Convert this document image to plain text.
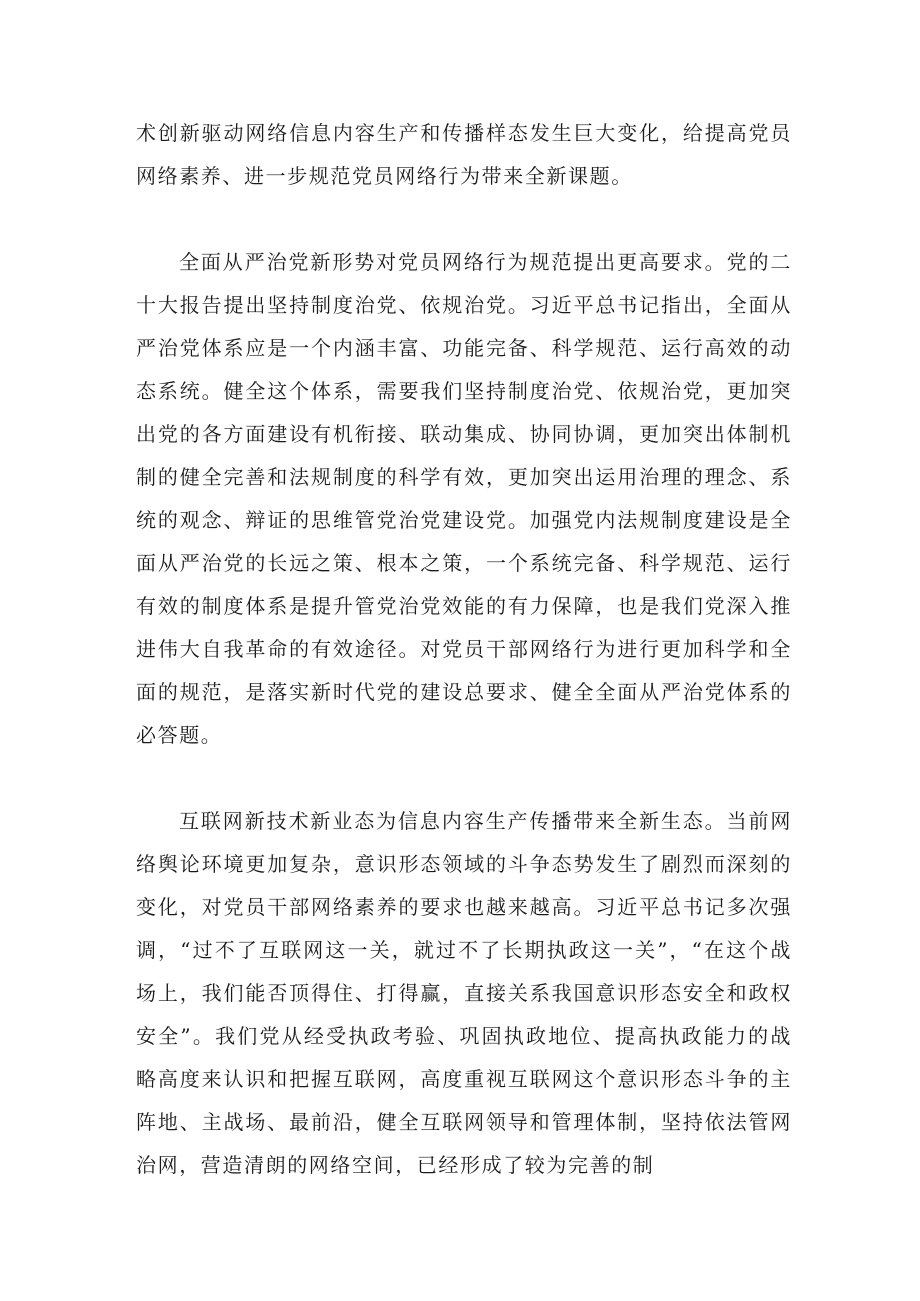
术创新驱动网络信息内容生产和传播样态发生巨大变化，给提高党员网络素养、进一步规范党员网络行为带来全新课题。

全面从严治党新形势对党员网络行为规范提出更高要求。党的二十大报告提出坚持制度治党、依规治党。习近平总书记指出，全面从严治党体系应是一个内涵丰富、功能完备、科学规范、运行高效的动态系统。健全这个体系，需要我们坚持制度治党、依规治党，更加突出党的各方面建设有机衔接、联动集成、协同协调，更加突出体制机制的健全完善和法规制度的科学有效，更加突出运用治理的理念、系统的观念、辩证的思维管党治党建设党。加强党内法规制度建设是全面从严治党的长远之策、根本之策，一个系统完备、科学规范、运行有效的制度体系是提升管党治党效能的有力保障，也是我们党深入推进伟大自我革命的有效途径。对党员干部网络行为进行更加科学和全面的规范，是落实新时代党的建设总要求、健全全面从严治党体系的必答题。

互联网新技术新业态为信息内容生产传播带来全新生态。当前网络舆论环境更加复杂，意识形态领域的斗争态势发生了剧烈而深刻的变化，对党员干部网络素养的要求也越来越高。习近平总书记多次强调，“过不了互联网这一关，就过不了长期执政这一关”，“在这个战场上，我们能否顶得住、打得赢，直接关系我国意识形态安全和政权安全”。我们党从经受执政考验、巩固执政地位、提高执政能力的战略高度来认识和把握互联网，高度重视互联网这个意识形态斗争的主阵地、主战场、最前沿，健全互联网领导和管理体制，坚持依法管网治网，营造清朗的网络空间，已经形成了较为完善的制
